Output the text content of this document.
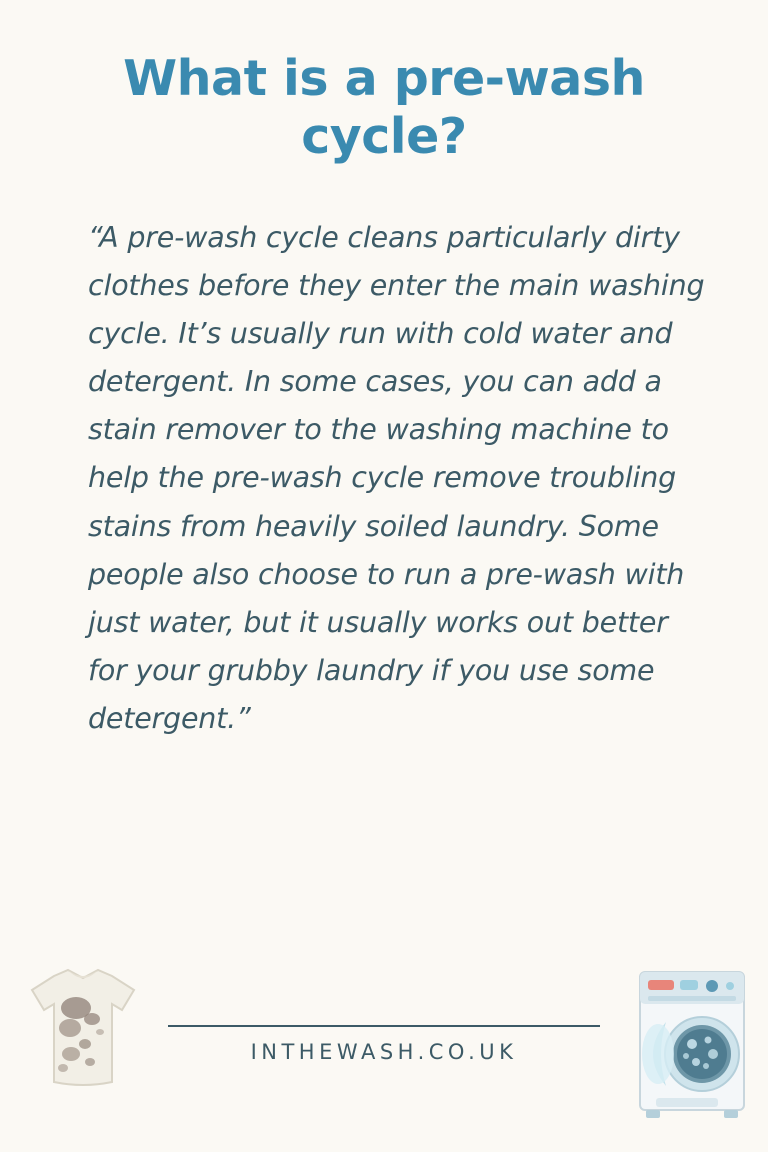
What is a pre-wash cycle?

“A pre-wash cycle cleans particularly dirty clothes before they enter the main washing cycle. It’s usually run with cold water and detergent. In some cases, you can add a stain remover to the washing machine to help the pre-wash cycle remove troubling stains from heavily soiled laundry. Some people also choose to run a pre-wash with just water, but it usually works out better for your grubby laundry if you use some detergent.”

INTHEWASH.CO.UK
